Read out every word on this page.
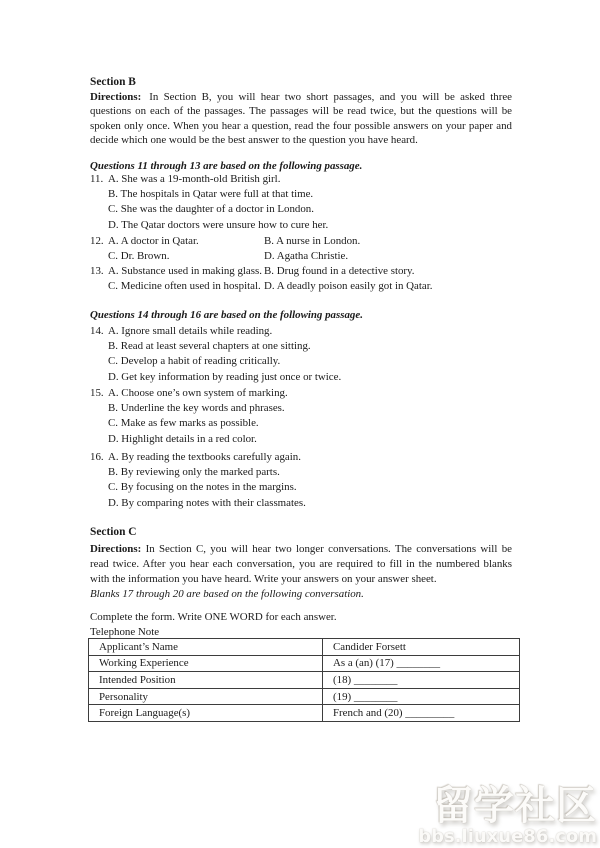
Section B

Directions: In Section B, you will hear two short passages, and you will be asked three questions on each of the passages. The passages will be read twice, but the questions will be spoken only once. When you hear a question, read the four possible answers on your paper and decide which one would be the best answer to the question you have heard.

Questions 11 through 13 are based on the following passage.
11. A. She was a 19-month-old British girl.
B. The hospitals in Qatar were full at that time.
C. She was the daughter of a doctor in London.
D. The Qatar doctors were unsure how to cure her.
12. A. A doctor in Qatar.	B. A nurse in London.
C. Dr. Brown.	D. Agatha Christie.
13. A. Substance used in making glass. B. Drug found in a detective story.
C. Medicine often used in hospital. D. A deadly poison easily got in Qatar.
Questions 14 through 16 are based on the following passage.
14. A. Ignore small details while reading.
B. Read at least several chapters at one sitting.
C. Develop a habit of reading critically.
D. Get key information by reading just once or twice.
15. A. Choose one’s own system of marking.
B. Underline the key words and phrases.
C. Make as few marks as possible.
D. Highlight details in a red color.
16. A. By reading the textbooks carefully again.
B. By reviewing only the marked parts.
C. By focusing on the notes in the margins.
D. By comparing notes with their classmates.
Section C

Directions: In Section C, you will hear two longer conversations. The conversations will be read twice. After you hear each conversation, you are required to fill in the numbered blanks with the information you have heard. Write your answers on your answer sheet.

Blanks 17 through 20 are based on the following conversation.
Complete the form. Write ONE WORD for each answer.
Telephone Note
Applicant’s Name	Candider Forsett
Working Experience	As a (an) (17) ________
Intended Position	(18) ________
Personality	(19) ________
Foreign Language(s)	French and (20) _________
留学社区
bbs.liuxue86.com
